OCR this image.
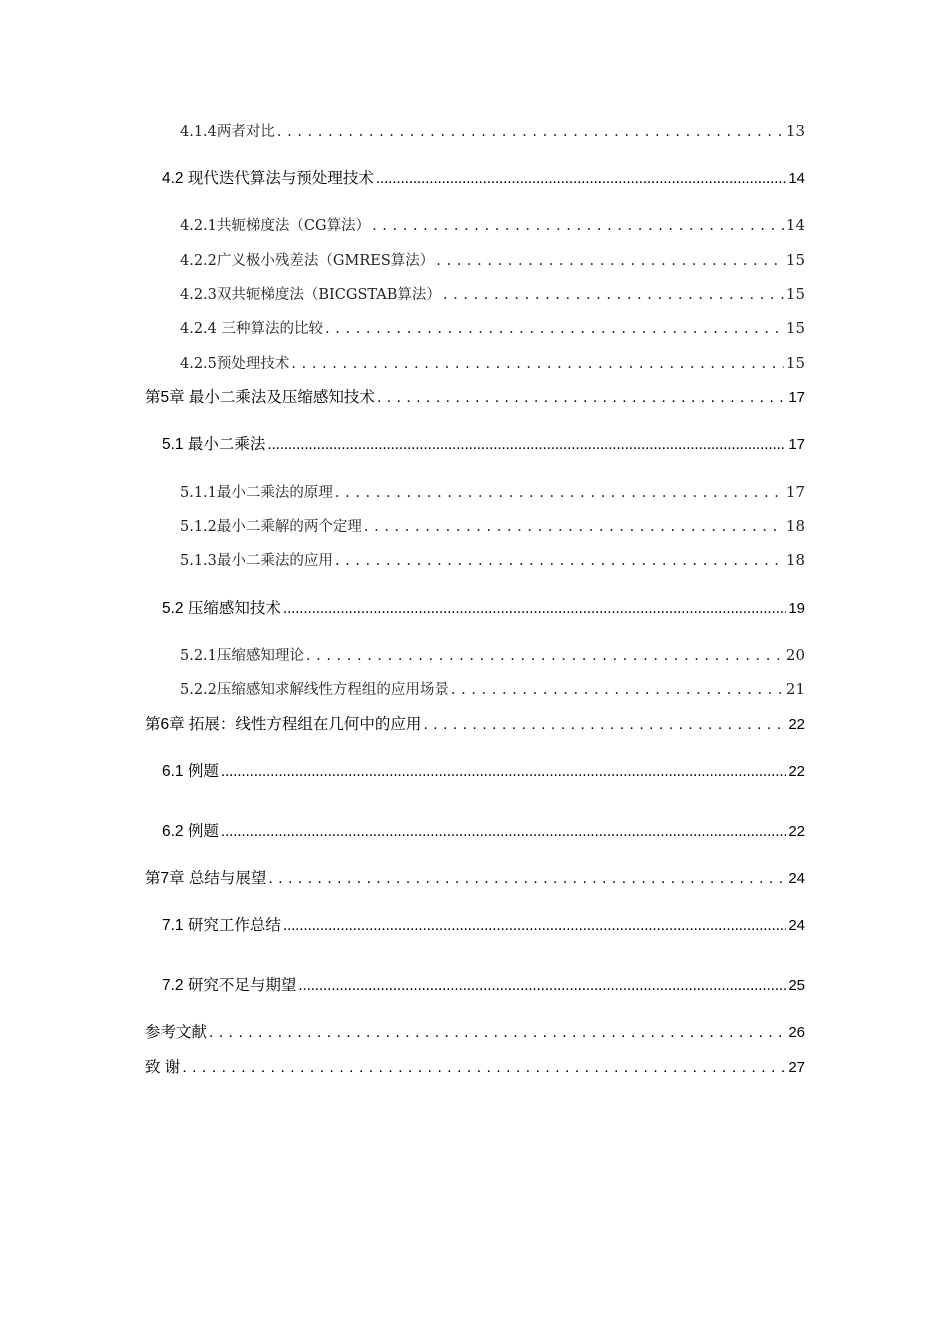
4.1.4两者对比 . . .	13
4.2 现代迭代算法与预处理技术 .....	14
4.2.1共轭梯度法（CG算法） . . .	14
4.2.2广义极小残差法（GMRES算法） . . .	15
4.2.3双共轭梯度法（BICGSTAB算法） . . .	15
4.2.4 三种算法的比较 . . .	15
4.2.5预处理技术 . . .	15
第5章 最小二乘法及压缩感知技术 . . .	17
5.1 最小二乘法 .....	17
5.1.1最小二乘法的原理 . . .	17
5.1.2最小二乘解的两个定理 . . .	18
5.1.3最小二乘法的应用 . . .	18
5.2 压缩感知技术 .....	19
5.2.1压缩感知理论 . . .	20
5.2.2压缩感知求解线性方程组的应用场景 . . .	21
第6章 拓展：线性方程组在几何中的应用 . . .	22
6.1 例题 .....	22
6.2 例题 .....	22
第7章 总结与展望 . . .	24
7.1 研究工作总结 .....	24
7.2 研究不足与期望 .....	25
参考文献 . . .	26
致 谢 . . .	27
